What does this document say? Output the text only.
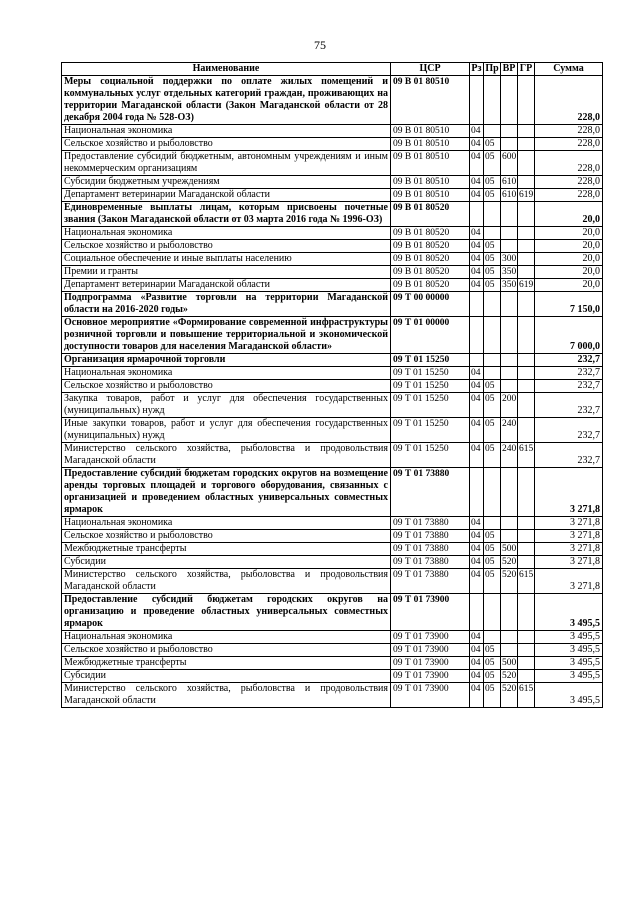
75
Наименование	ЦСР	Рз	Пр	ВР	ГР	Сумма
Меры социальной поддержки по оплате жилых помещений и коммунальных услуг отдельных категорий граждан, проживающих на территории Магаданской области (Закон Магаданской области от 28 декабря 2004 года № 528-ОЗ)	09 В 01 80510					228,0
Национальная экономика	09 В 01 80510	04				228,0
Сельское хозяйство и рыболовство	09 В 01 80510	04	05			228,0
Предоставление субсидий бюджетным, автономным учреждениям и иным некоммерческим организациям	09 В 01 80510	04	05	600		228,0
Субсидии бюджетным учреждениям	09 В 01 80510	04	05	610		228,0
Департамент ветеринарии Магаданской области	09 В 01 80510	04	05	610	619	228,0
Единовременные выплаты лицам, которым присвоены почетные звания (Закон Магаданской области от 03 марта 2016 года № 1996-ОЗ)	09 В 01 80520					20,0
Национальная экономика	09 В 01 80520	04				20,0
Сельское хозяйство и рыболовство	09 В 01 80520	04	05			20,0
Социальное обеспечение и иные выплаты населению	09 В 01 80520	04	05	300		20,0
Премии и гранты	09 В 01 80520	04	05	350		20,0
Департамент ветеринарии Магаданской области	09 В 01 80520	04	05	350	619	20,0
Подпрограмма «Развитие торговли на территории Магаданской области на 2016-2020 годы»	09 Т 00 00000					7 150,0
Основное мероприятие «Формирование современной инфраструктуры розничной торговли и повышение территориальной и экономической доступности товаров для населения Магаданской области»	09 Т 01 00000					7 000,0
Организация ярмарочной торговли	09 Т 01 15250					232,7
Национальная экономика	09 Т 01 15250	04				232,7
Сельское хозяйство и рыболовство	09 Т 01 15250	04	05			232,7
Закупка товаров, работ и услуг для обеспечения государственных (муниципальных) нужд	09 Т 01 15250	04	05	200		232,7
Иные закупки товаров, работ и услуг для обеспечения государственных (муниципальных) нужд	09 Т 01 15250	04	05	240		232,7
Министерство сельского хозяйства, рыболовства и продовольствия Магаданской области	09 Т 01 15250	04	05	240	615	232,7
Предоставление субсидий бюджетам городских округов на возмещение аренды торговых площадей и торгового оборудования, связанных с организацией и проведением областных универсальных совместных ярмарок	09 Т 01 73880					3 271,8
Национальная экономика	09 Т 01 73880	04				3 271,8
Сельское хозяйство и рыболовство	09 Т 01 73880	04	05			3 271,8
Межбюджетные трансферты	09 Т 01 73880	04	05	500		3 271,8
Субсидии	09 Т 01 73880	04	05	520		3 271,8
Министерство сельского хозяйства, рыболовства и продовольствия Магаданской области	09 Т 01 73880	04	05	520	615	3 271,8
Предоставление субсидий бюджетам городских округов на организацию и проведение областных универсальных совместных ярмарок	09 Т 01 73900					3 495,5
Национальная экономика	09 Т 01 73900	04				3 495,5
Сельское хозяйство и рыболовство	09 Т 01 73900	04	05			3 495,5
Межбюджетные трансферты	09 Т 01 73900	04	05	500		3 495,5
Субсидии	09 Т 01 73900	04	05	520		3 495,5
Министерство сельского хозяйства, рыболовства и продовольствия Магаданской области	09 Т 01 73900	04	05	520	615	3 495,5
